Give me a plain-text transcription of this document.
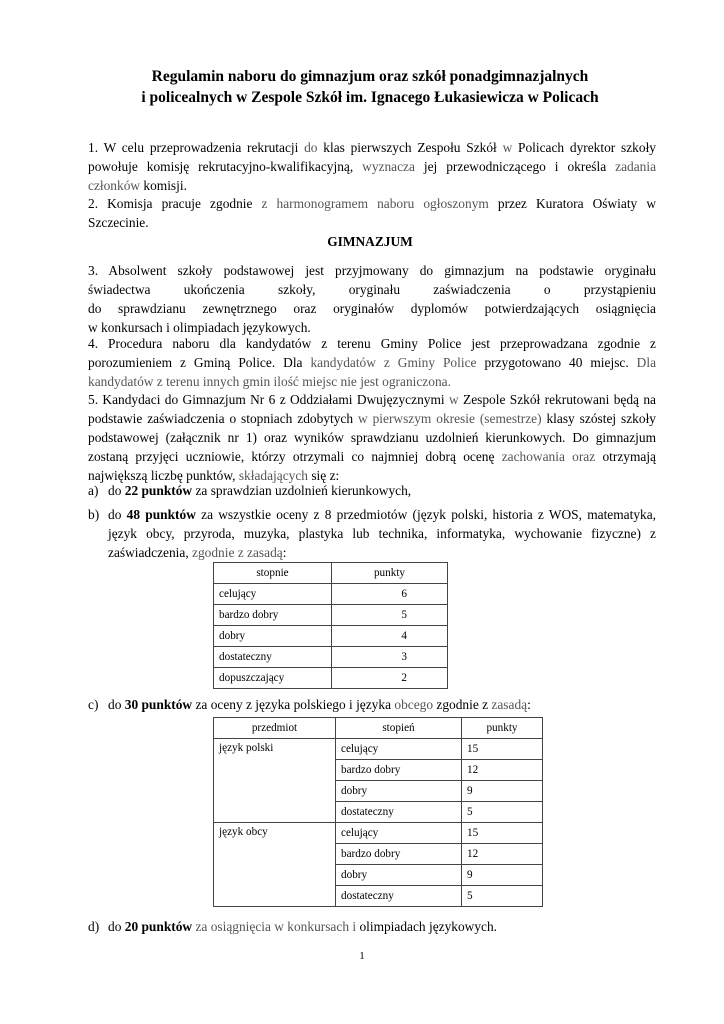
Regulamin naboru do gimnazjum oraz szkół ponadgimnazjalnych
i policealnych w Zespole Szkół im. Ignacego Łukasiewicza w Policach
1. W celu przeprowadzenia rekrutacji do klas pierwszych Zespołu Szkół w Policach dyrektor szkoły powołuje komisję rekrutacyjno-kwalifikacyjną, wyznacza jej przewodniczącego i określa zadania członków komisji.
2. Komisja pracuje zgodnie z harmonogramem naboru ogłoszonym przez Kuratora Oświaty w Szczecinie.
GIMNAZJUM
3. Absolwent szkoły podstawowej jest przyjmowany do gimnazjum na podstawie oryginału
świadectwa ukończenia szkoły, oryginału zaświadczenia o przystąpieniu
do sprawdzianu zewnętrznego oraz oryginałów dyplomów potwierdzających osiągnięcia
w konkursach i olimpiadach językowych.
4. Procedura naboru dla kandydatów z terenu Gminy Police jest przeprowadzana zgodnie z porozumieniem z Gminą Police. Dla kandydatów z Gminy Police przygotowano 40 miejsc. Dla kandydatów z terenu innych gmin ilość miejsc nie jest ograniczona.
5. Kandydaci do Gimnazjum Nr 6 z Oddziałami Dwujęzycznymi w Zespole Szkół rekrutowani będą na podstawie zaświadczenia o stopniach zdobytych w pierwszym okresie (semestrze) klasy szóstej szkoły podstawowej (załącznik nr 1) oraz wyników sprawdzianu uzdolnień kierunkowych. Do gimnazjum zostaną przyjęci uczniowie, którzy otrzymali co najmniej dobrą ocenę zachowania oraz otrzymają największą liczbę punktów, składających się z:
a) do 22 punktów za sprawdzian uzdolnień kierunkowych,
b) do 48 punktów za wszystkie oceny z 8 przedmiotów (język polski, historia z WOS, matematyka, język obcy, przyroda, muzyka, plastyka lub technika, informatyka, wychowanie fizyczne) z zaświadczenia, zgodnie z zasadą:
stopnie	punkty
celujący	6
bardzo dobry	5
dobry	4
dostateczny	3
dopuszczający	2
c) do 30 punktów za oceny z języka polskiego i języka obcego zgodnie z zasadą:
przedmiot	stopień	punkty
język polski	celujący	15
	bardzo dobry	12
	dobry	9
	dostateczny	5
język obcy	celujący	15
	bardzo dobry	12
	dobry	9
	dostateczny	5
d) do 20 punktów za osiągnięcia w konkursach i olimpiadach językowych.
1
